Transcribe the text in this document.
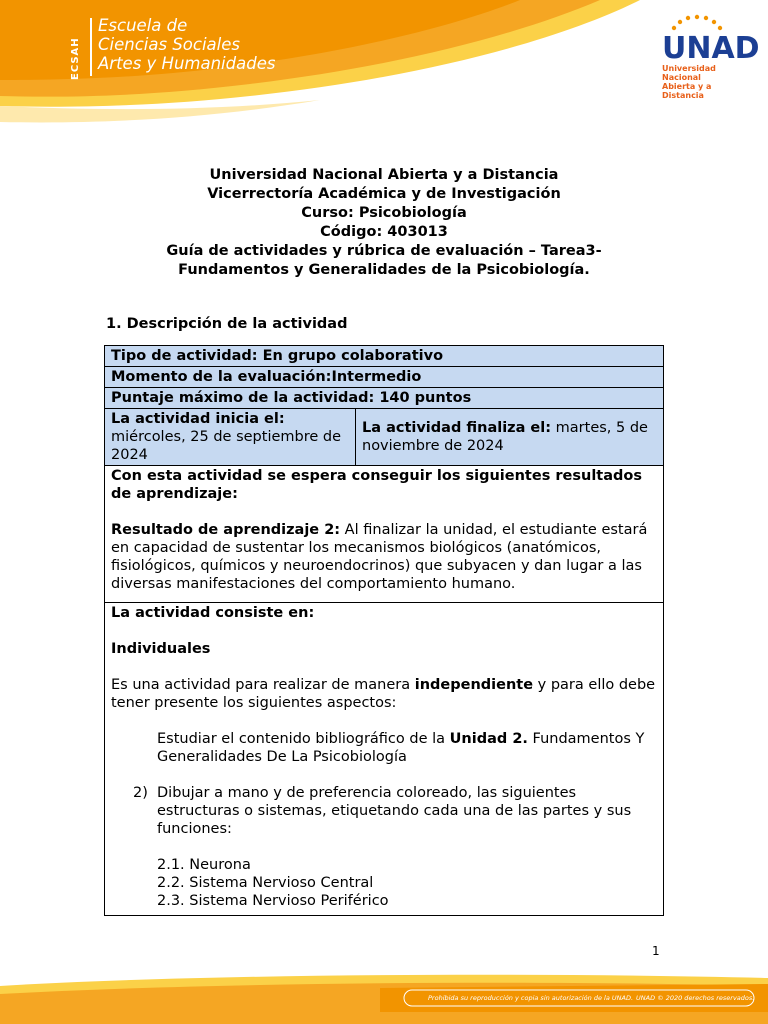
ECSAH
Escuela de
Ciencias Sociales
Artes y Humanidades	UNAD
Universidad Nacional
Abierta y a Distancia
Universidad Nacional Abierta y a Distancia
Vicerrectoría Académica y de Investigación
Curso: Psicobiología
Código: 403013
Guía de actividades y rúbrica de evaluación – Tarea3-
Fundamentos y Generalidades de la Psicobiología.
1. Descripción de la actividad
Tipo de actividad: En grupo colaborativo
Momento de la evaluación:Intermedio
Puntaje máximo de la actividad: 140 puntos

La actividad inicia el:
miércoles, 25 de septiembre de 2024
	La actividad finaliza el: martes, 5 de noviembre de 2024

Con esta actividad se espera conseguir los siguientes resultados de aprendizaje:

Resultado de aprendizaje 2: Al finalizar la unidad, el estudiante estará en capacidad de sustentar los mecanismos biológicos (anatómicos, fisiológicos, químicos y neuroendocrinos) que subyacen y dan lugar a las diversas manifestaciones del comportamiento humano.

La actividad consiste en:

Individuales

Es una actividad para realizar de manera independiente y para ello debe tener presente los siguientes aspectos:

Estudiar el contenido bibliográfico de la Unidad 2. Fundamentos Y Generalidades De La Psicobiología

2) Dibujar a mano y de preferencia coloreado, las siguientes estructuras o sistemas, etiquetando cada una de las partes y sus funciones:

2.1. Neurona

2.2. Sistema Nervioso Central

2.3. Sistema Nervioso Periférico

1
Prohibida su reproducción y copia sin autorización de la UNAD. UNAD © 2020 derechos reservados.
